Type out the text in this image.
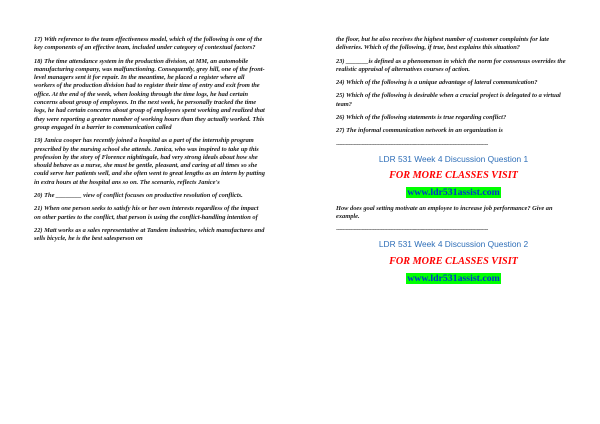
17) With reference to the team effectiveness model, which of the following is one of the key components of an effective team, included under category of contextual factors?

18) The time attendance system in the production division, at MM, an automobile manufacturing company, was malfunctioning. Consequently, grey hill, one of the front-level managers sent it for repair. In the meantime, he placed a register where all workers of the production division had to register their time of entry and exit from the office. At the end of the week, when looking through the time logs, he had certain concerns about group of employees. In the next week, he personally tracked the time logs, he had certain concerns about group of employees spent working and realized that they were reporting a greater number of working hours than they actually worked. This group engaged in a barrier to communication called

19) Janica cooper has recently joined a hospital as a part of the internship program prescribed by the nursing school she attends. Janica, who was inspired to take up this profession by the story of Florence nightingale, had very strong ideals about how she should behave as a nurse, she must be gentle, pleasant, and caring at all times so she could serve her patients well, and she often went to great lengths as an intern by putting in extra hours at the hospital ans so on. The scenario, reflects Janice's

20) The ________ view of conflict focuses on productive resolution of conflicts.

21) When one person seeks to satisfy his or her own interests regardless of the impact on other parties to the conflict, that person is using the conflict-handling intention of

22) Matt works as a sales representative at Tandem industries, which manufactures and sells bicycle, he is the best salesperson on

the floor, but he also receives the highest number of customer complaints for late deliveries. Which of the following, if true, best explains this situation?

23) _______is defined as a phenomenon in which the norm for consensus overrides the realistic appraisal of alternatives courses of action.

24) Which of the following is a unique advantage of lateral communication?

25) Which of the following is desirable when a crucial project is delegated to a virtual team?

26) Which of the following statements is true regarding conflict?

27) The informal communication network in an organization is

-----------------------------------------------------------------------------------------------
LDR 531 Week 4 Discussion Question 1
FOR MORE CLASSES VISIT
www.ldr531assist.com

How does goal setting motivate an employee to increase job performance? Give an example.

-----------------------------------------------------------------------------------------------
LDR 531 Week 4 Discussion Question 2
FOR MORE CLASSES VISIT
www.ldr531assist.com
